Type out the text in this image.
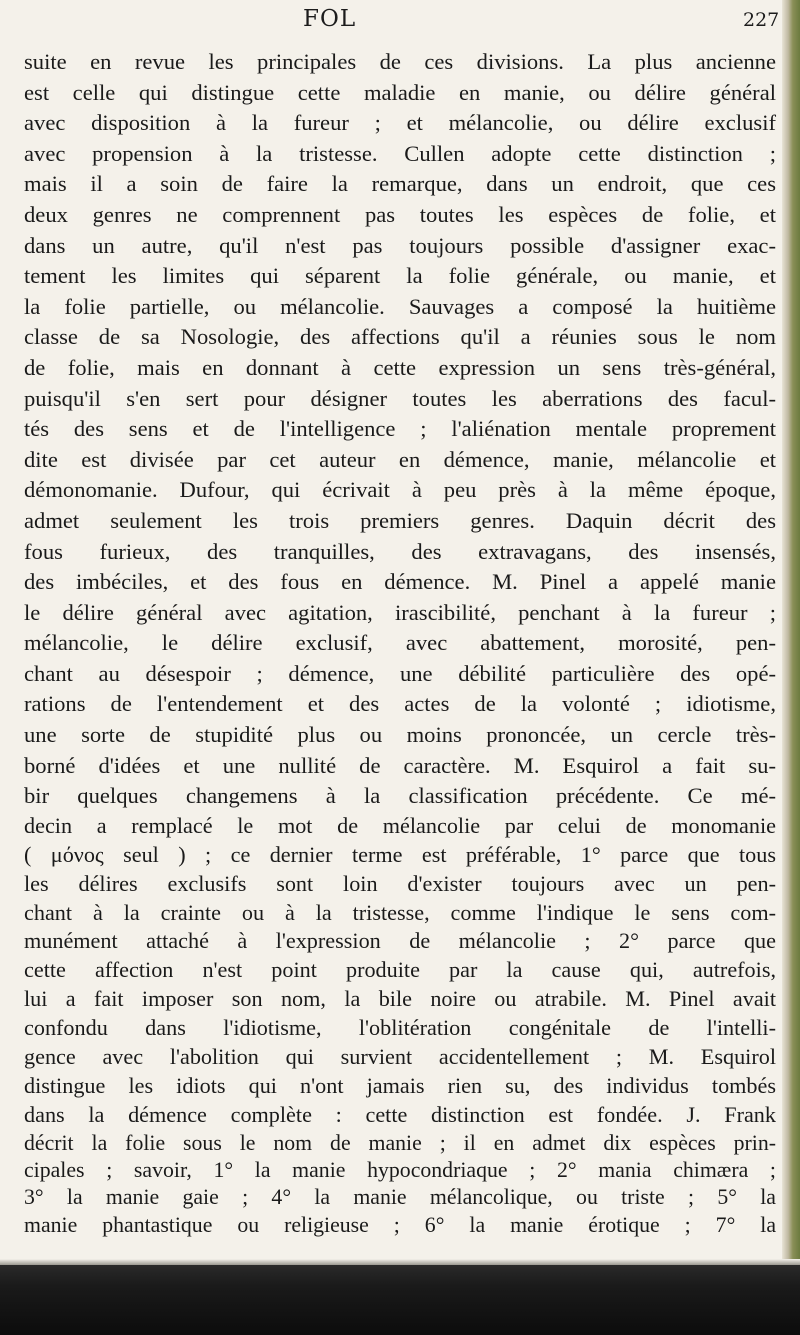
FOL	227
suite en revue les principales de ces divisions. La plus ancienne
est celle qui distingue cette maladie en manie, ou délire général
avec disposition à la fureur ; et mélancolie, ou délire exclusif
avec propension à la tristesse. Cullen adopte cette distinction ;
mais il a soin de faire la remarque, dans un endroit, que ces
deux genres ne comprennent pas toutes les espèces de folie, et
dans un autre, qu'il n'est pas toujours possible d'assigner exac-
tement les limites qui séparent la folie générale, ou manie, et
la folie partielle, ou mélancolie. Sauvages a composé la huitième
classe de sa Nosologie, des affections qu'il a réunies sous le nom
de folie, mais en donnant à cette expression un sens très-général,
puisqu'il s'en sert pour désigner toutes les aberrations des facul-
tés des sens et de l'intelligence ; l'aliénation mentale proprement
dite est divisée par cet auteur en démence, manie, mélancolie et
démonomanie. Dufour, qui écrivait à peu près à la même époque,
admet seulement les trois premiers genres. Daquin décrit des
fous furieux, des tranquilles, des extravagans, des insensés,
des imbéciles, et des fous en démence. M. Pinel a appelé manie
le délire général avec agitation, irascibilité, penchant à la fureur ;
mélancolie, le délire exclusif, avec abattement, morosité, pen-
chant au désespoir ; démence, une débilité particulière des opé-
rations de l'entendement et des actes de la volonté ; idiotisme,
une sorte de stupidité plus ou moins prononcée, un cercle très-
borné d'idées et une nullité de caractère. M. Esquirol a fait su-
bir quelques changemens à la classification précédente. Ce mé-
decin a remplacé le mot de mélancolie par celui de monomanie
( μόνος seul ) ; ce dernier terme est préférable, 1° parce que tous
les délires exclusifs sont loin d'exister toujours avec un pen-
chant à la crainte ou à la tristesse, comme l'indique le sens com-
munément attaché à l'expression de mélancolie ; 2° parce que
cette affection n'est point produite par la cause qui, autrefois,
lui a fait imposer son nom, la bile noire ou atrabile. M. Pinel avait
confondu dans l'idiotisme, l'oblitération congénitale de l'intelli-
gence avec l'abolition qui survient accidentellement ; M. Esquirol
distingue les idiots qui n'ont jamais rien su, des individus tombés
dans la démence complète : cette distinction est fondée. J. Frank
décrit la folie sous le nom de manie ; il en admet dix espèces prin-
cipales ; savoir, 1° la manie hypocondriaque ; 2° mania chimæra ;
3° la manie gaie ; 4° la manie mélancolique, ou triste ; 5° la
manie phantastique ou religieuse ; 6° la manie érotique ; 7° la
